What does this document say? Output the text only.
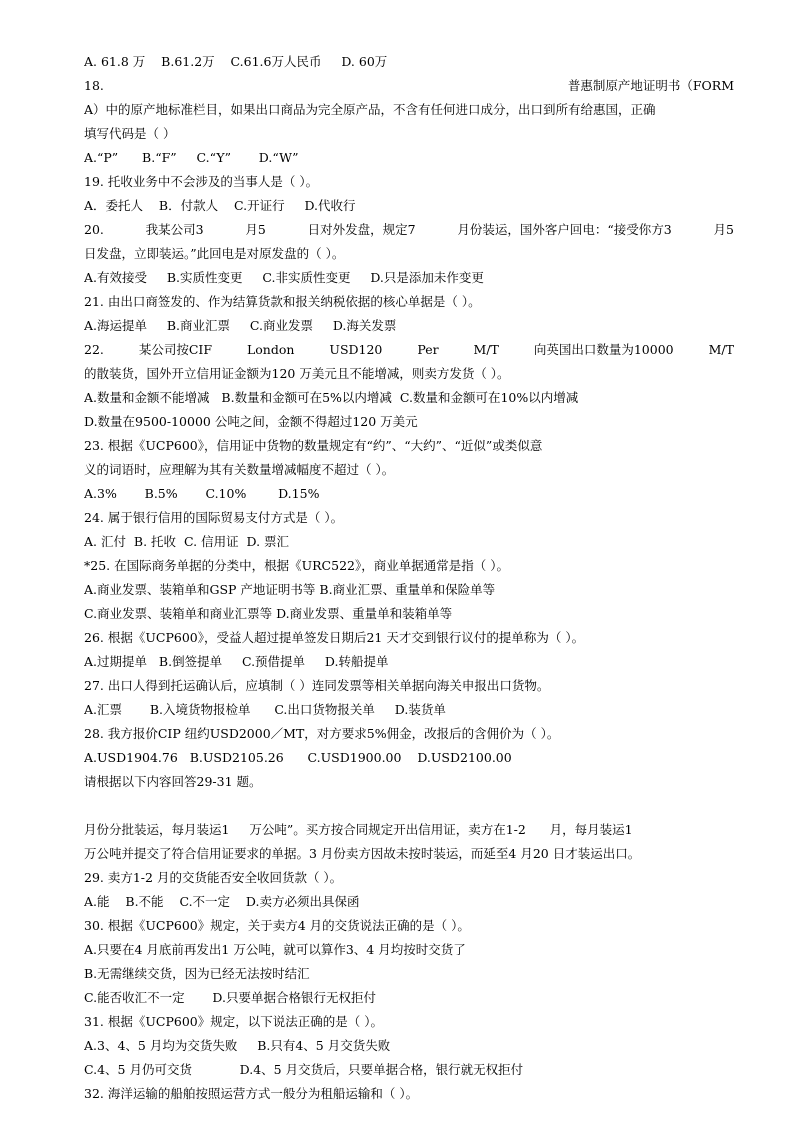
A. 61.8 万    B.61.2万    C.61.6万人民币     D. 60万
18.	普惠制原产地证明书（FORM
A）中的原产地标准栏目，如果出口商品为完全原产品，不含有任何进口成分，出口到所有给惠国，正确
填写代码是（ ）
A.“P”      B.“F”     C.“Y”       D.“W”
19. 托收业务中不会涉及的当事人是（ ）。
A．委托人    B．付款人    C.开证行     D.代收行
20.	我某公司3	月5	日对外发盘，规定7	月份装运，国外客户回电：“接受你方3	月5
日发盘，立即装运。”此回电是对原发盘的（ ）。
A.有效接受     B.实质性变更     C.非实质性变更     D.只是添加未作变更
21. 由出口商签发的、作为结算货款和报关纳税依据的核心单据是（ ）。
A.海运提单     B.商业汇票     C.商业发票     D.海关发票
22.	某公司按CIF	London	USD120	Per	M/T	向英国出口数量为10000	M/T
的散装货，国外开立信用证金额为120 万美元且不能增减，则卖方发货（ ）。
A.数量和金额不能增减   B.数量和金额可在5%以内增减  C.数量和金额可在10%以内增减
D.数量在9500-10000 公吨之间，金额不得超过120 万美元
23. 根据《UCP600》，信用证中货物的数量规定有“约”、“大约”、“近似”或类似意
义的词语时，应理解为其有关数量增减幅度不超过（ ）。
A.3%       B.5%       C.10%        D.15%
24. 属于银行信用的国际贸易支付方式是（ ）。
A. 汇付  B. 托收  C. 信用证  D. 票汇
*25. 在国际商务单据的分类中，根据《URC522》，商业单据通常是指（ ）。
A.商业发票、装箱单和GSP 产地证明书等 B.商业汇票、重量单和保险单等
C.商业发票、装箱单和商业汇票等 D.商业发票、重量单和装箱单等
26. 根据《UCP600》，受益人超过提单签发日期后21 天才交到银行议付的提单称为（ ）。
A.过期提单   B.倒签提单     C.预借提单     D.转船提单
27. 出口人得到托运确认后，应填制（ ）连同发票等相关单据向海关申报出口货物。
A.汇票       B.入境货物报检单      C.出口货物报关单     D.装货单
28. 我方报价CIP 纽约USD2000／MT，对方要求5%佣金，改报后的含佣价为（ ）。
A.USD1904.76   B.USD2105.26      C.USD1900.00    D.USD2100.00
请根据以下内容回答29-31 题。

月份分批装运，每月装运1     万公吨”。买方按合同规定开出信用证，卖方在1-2      月，每月装运1
万公吨并提交了符合信用证要求的单据。3 月份卖方因故未按时装运，而延至4 月20 日才装运出口。
29. 卖方1-2 月的交货能否安全收回货款（ ）。
A.能    B.不能    C.不一定    D.卖方必须出具保函
30. 根据《UCP600》规定，关于卖方4 月的交货说法正确的是（ ）。
A.只要在4 月底前再发出1 万公吨，就可以算作3、4 月均按时交货了
B.无需继续交货，因为已经无法按时结汇
C.能否收汇不一定       D.只要单据合格银行无权拒付
31. 根据《UCP600》规定，以下说法正确的是（ ）。
A.3、4、5 月均为交货失败     B.只有4、5 月交货失败
C.4、5 月仍可交货            D.4、5 月交货后，只要单据合格，银行就无权拒付
32. 海洋运输的船舶按照运营方式一般分为租船运输和（ ）。
